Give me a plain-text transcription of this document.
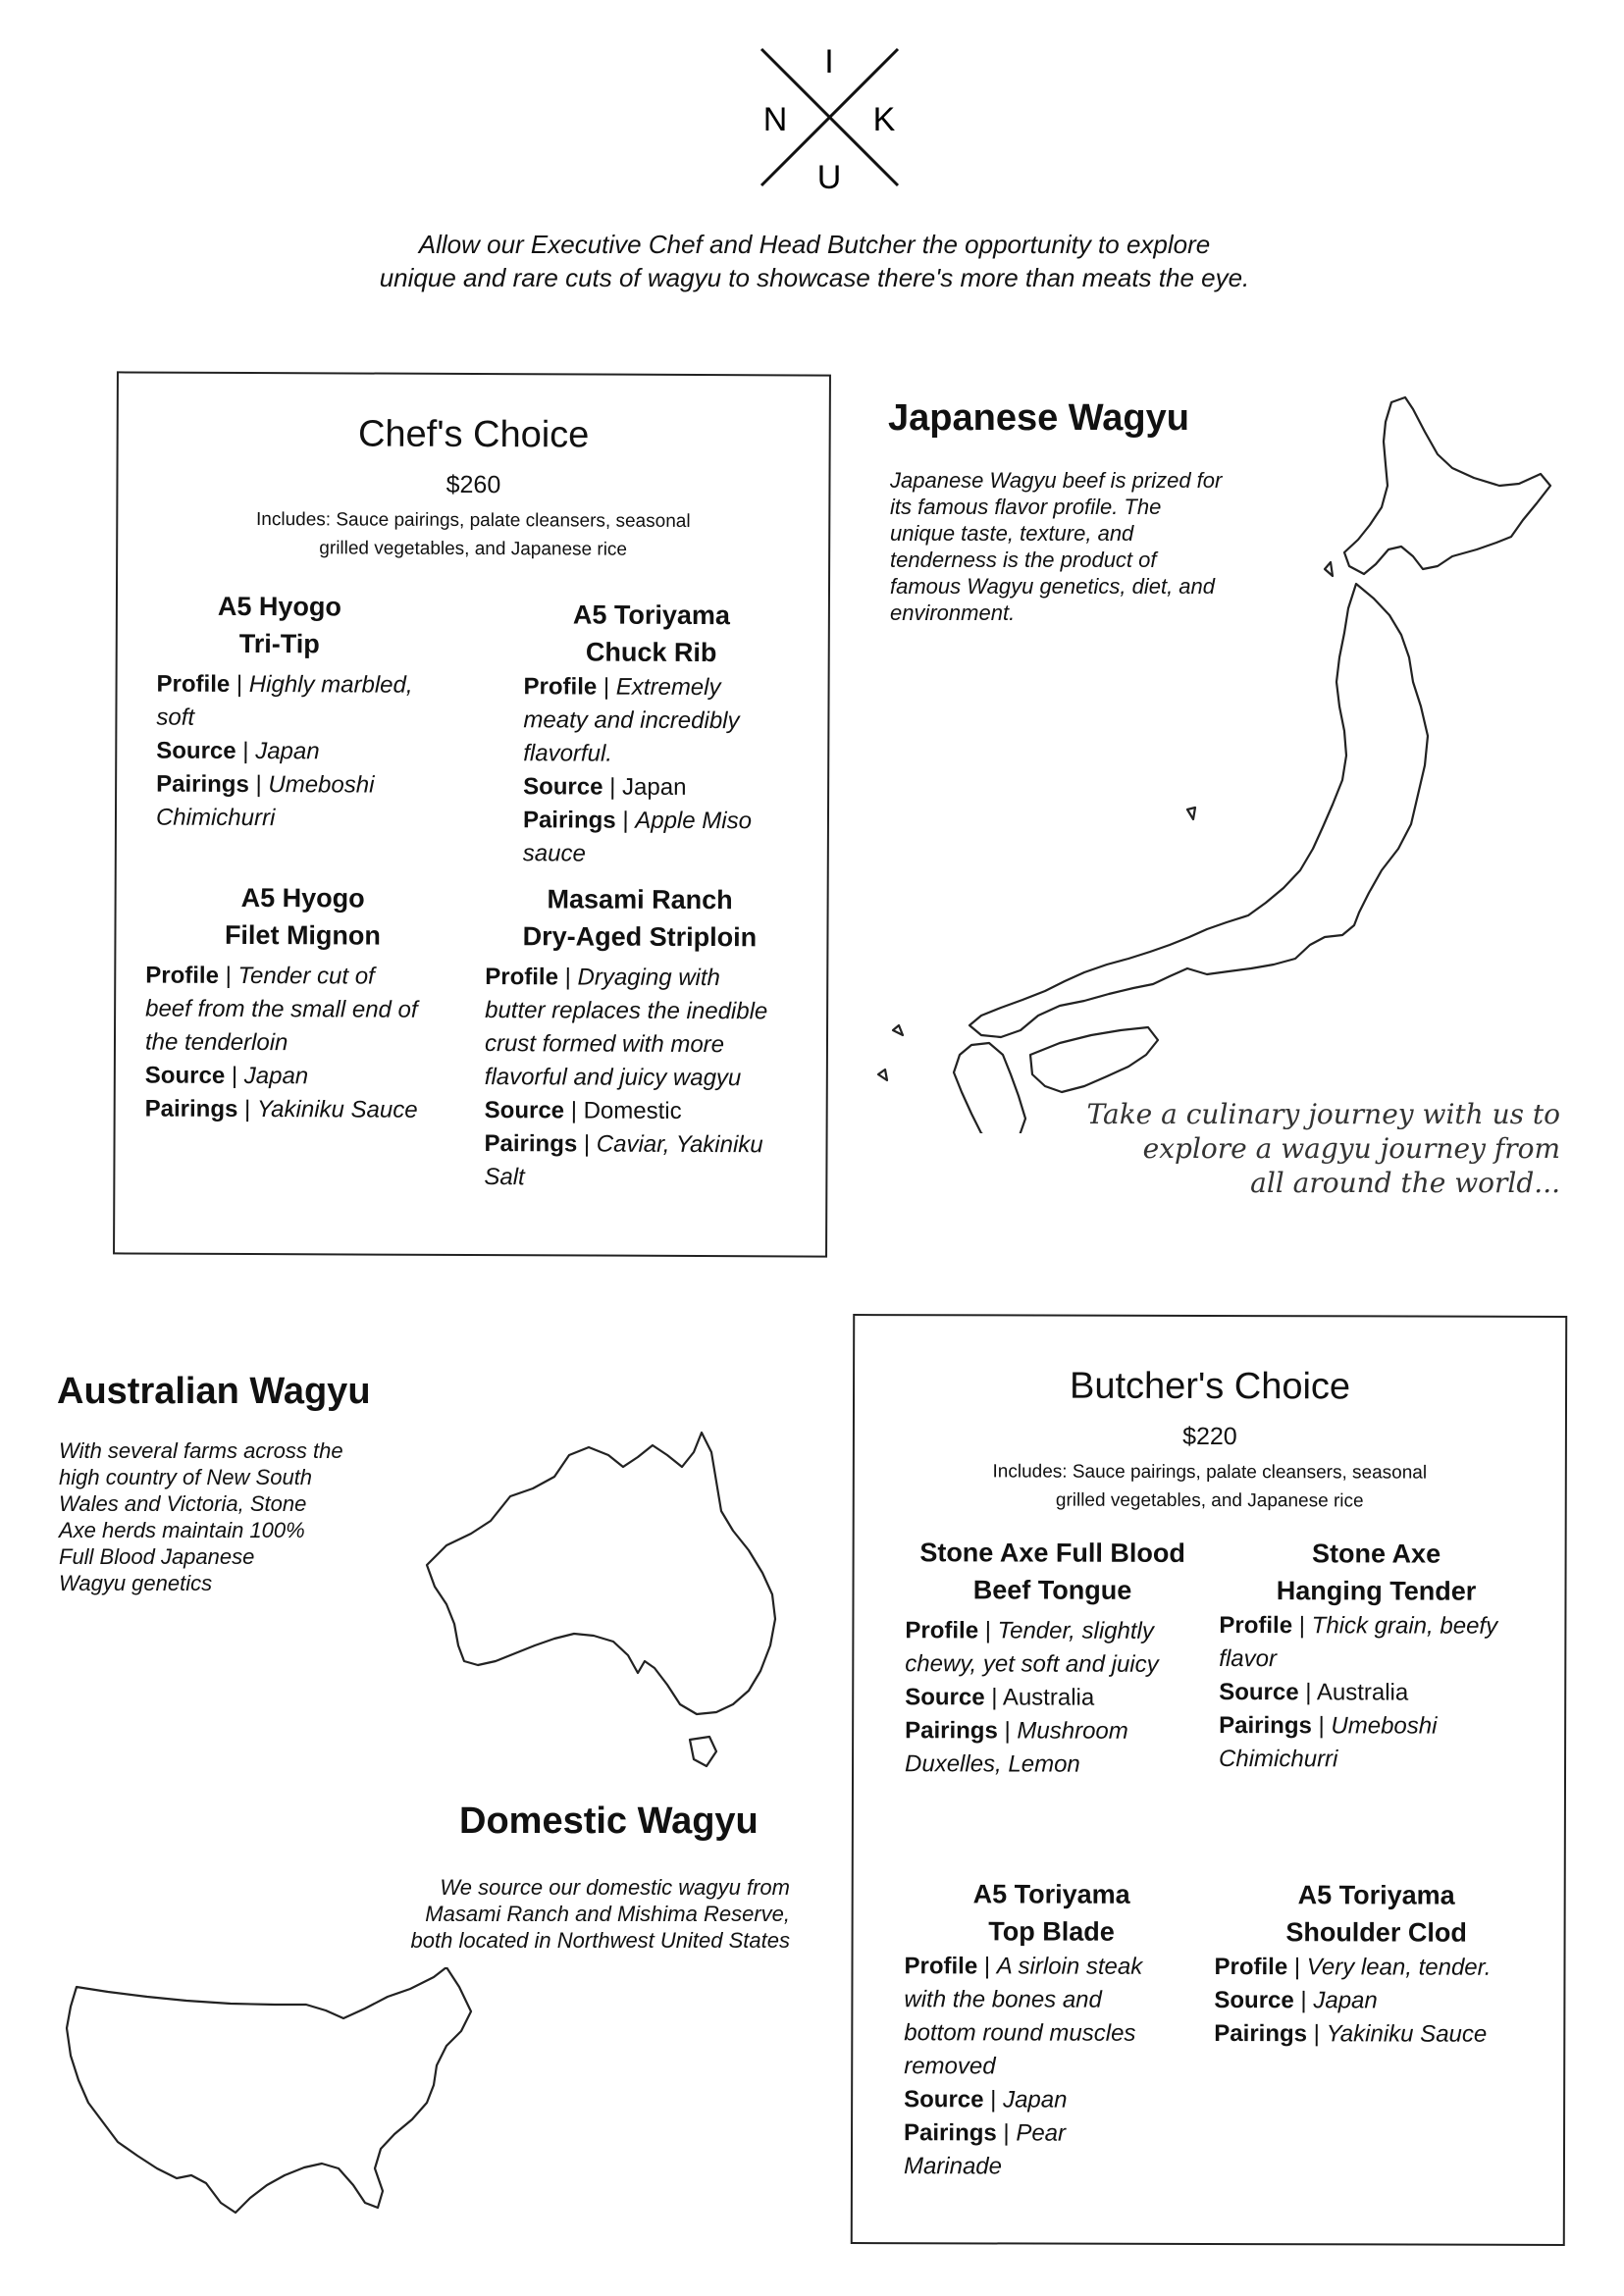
I
N	K
U
Allow our Executive Chef and Head Butcher the opportunity to explore
unique and rare cuts of wagyu to showcase there's more than meats the eye.
Chef's Choice
$260
Includes: Sauce pairings, palate cleansers, seasonal
grilled vegetables, and Japanese rice
A5 Hyogo
Tri-Tip
Profile | Highly marbled,
soft
Source | Japan
Pairings | Umeboshi
Chimichurri
A5 Toriyama
Chuck Rib
Profile | Extremely
meaty and incredibly
flavorful.
Source | Japan
Pairings | Apple Miso
sauce
A5 Hyogo
Filet Mignon
Profile | Tender cut of
beef from the small end of
the tenderloin
Source | Japan
Pairings | Yakiniku Sauce
Masami Ranch
Dry-Aged Striploin
Profile | Dryaging with
butter replaces the inedible
crust formed with more
flavorful and juicy wagyu
Source | Domestic
Pairings | Caviar, Yakiniku
Salt
Japanese Wagyu
Japanese Wagyu beef is prized for
its famous flavor profile. The
unique taste, texture, and
tenderness is the product of
famous Wagyu genetics, diet, and
environment.
Take a culinary journey with us to
explore a wagyu journey from
all around the world...
Australian Wagyu
With several farms across the
high country of New South
Wales and Victoria, Stone
Axe herds maintain 100%
Full Blood Japanese
Wagyu genetics
Domestic Wagyu
We source our domestic wagyu from
Masami Ranch and Mishima Reserve,
both located in Northwest United States
Butcher's Choice
$220
Includes: Sauce pairings, palate cleansers, seasonal
grilled vegetables, and Japanese rice
Stone Axe Full Blood
Beef Tongue
Profile | Tender, slightly
chewy, yet soft and juicy
Source | Australia
Pairings | Mushroom
Duxelles, Lemon
Stone Axe
Hanging Tender
Profile | Thick grain, beefy
flavor
Source | Australia
Pairings | Umeboshi
Chimichurri
A5 Toriyama
Top Blade
Profile | A sirloin steak
with the bones and
bottom round muscles
removed
Source | Japan
Pairings | Pear
Marinade
A5 Toriyama
Shoulder Clod
Profile | Very lean, tender.
Source | Japan
Pairings | Yakiniku Sauce
